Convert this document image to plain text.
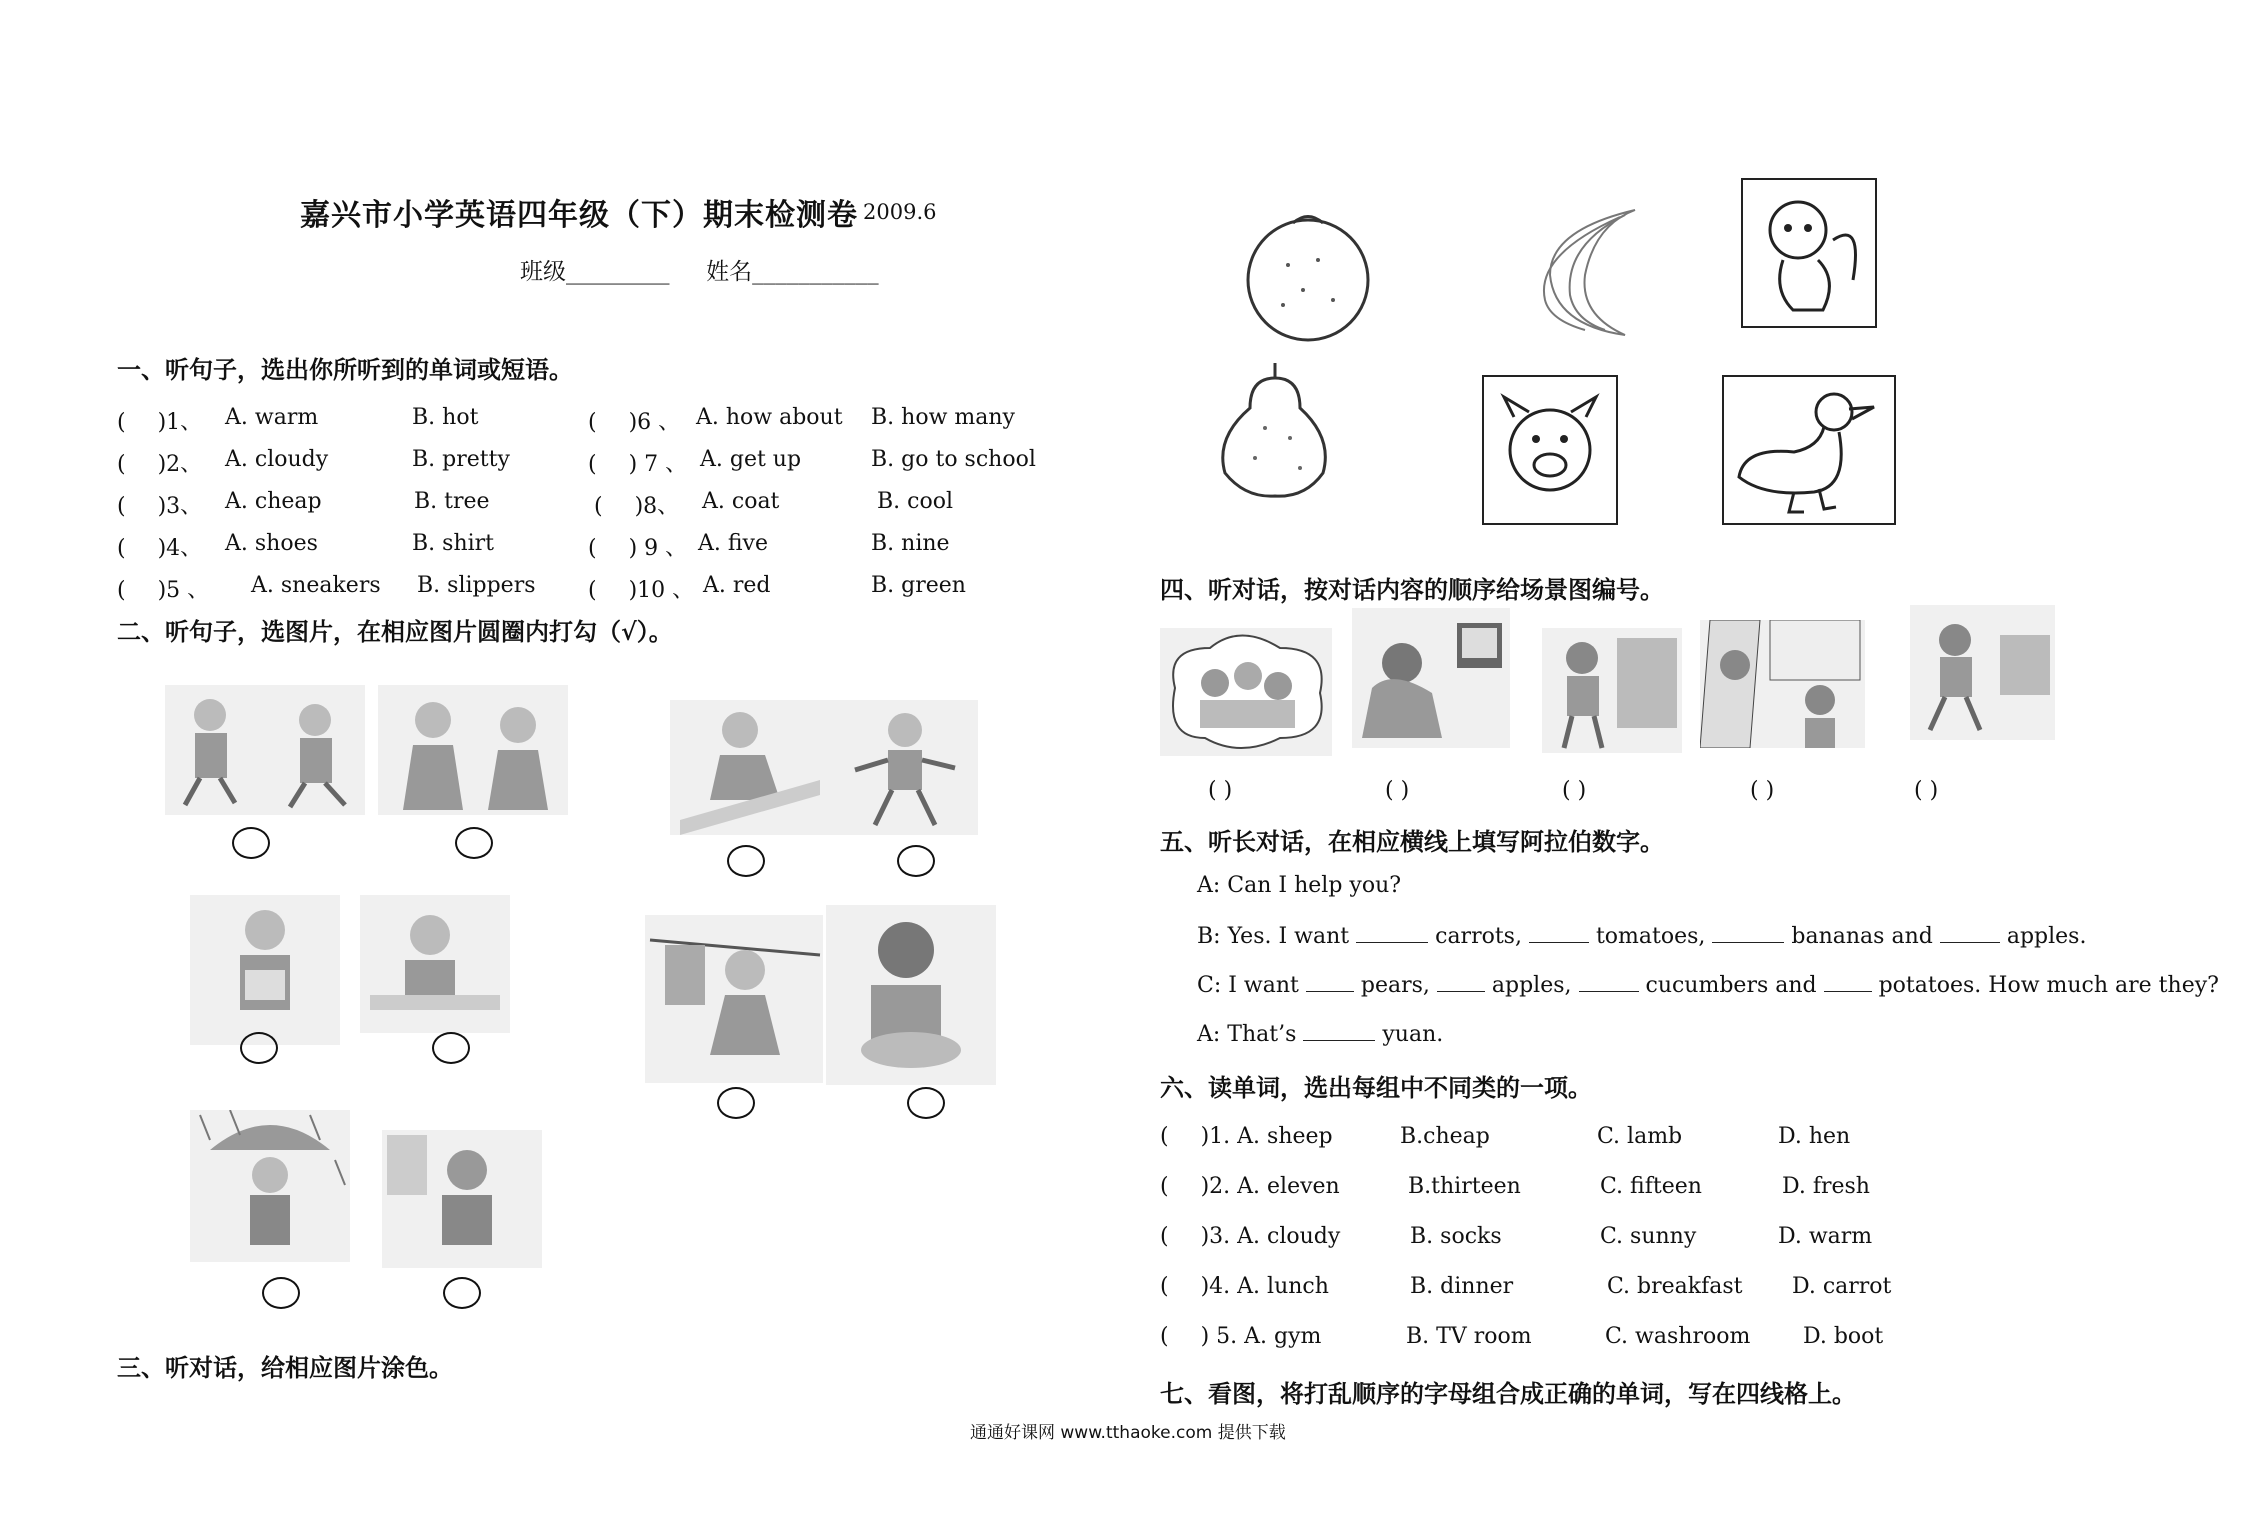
嘉兴市小学英语四年级（下）期末检测卷 2009.6
班级_________ 姓名___________
一、听句子，选出你所听到的单词或短语。
( )1、 A. warm	B. hot
( )2、 A. cloudy	B. pretty
( )3、 A. cheap	B. tree
( )4、 A. shoes	B. shirt
( )5 、 A. sneakers B. slippers
( )6 、 A. how about B. how many
( ) 7 、 A. get up	B. go to school
( )8、 A. coat	B. cool
( ) 9 、 A. five	B. nine
( )10 、 A. red	B. green
二、听句子，选图片，在相应图片圆圈内打勾（√）。
三、听对话，给相应图片涂色。
四、听对话，按对话内容的顺序给场景图编号。
( )	( )	( )	( )	( )
五、听长对话，在相应横线上填写阿拉伯数字。
A: Can I help you?
B: Yes. I want	carrots,	tomatoes,	bananas and	apples.
C: I want  pears,  apples,	cucumbers and  potatoes. How much are they?
A: That’s	yuan.
六、读单词，选出每组中不同类的一项。
( )1. A. sheep	B.cheap	C. lamb	D. hen
( )2. A. eleven	B.thirteen	C. fifteen	D. fresh
( )3. A. cloudy	B. socks	C. sunny	D. warm
( )4. A. lunch	B. dinner	C. breakfast D. carrot
( ) 5. A. gym	B. TV room	C. washroom D. boot
七、看图，将打乱顺序的字母组合成正确的单词，写在四线格上。
通通好课网 www.tthaoke.com 提供下载
